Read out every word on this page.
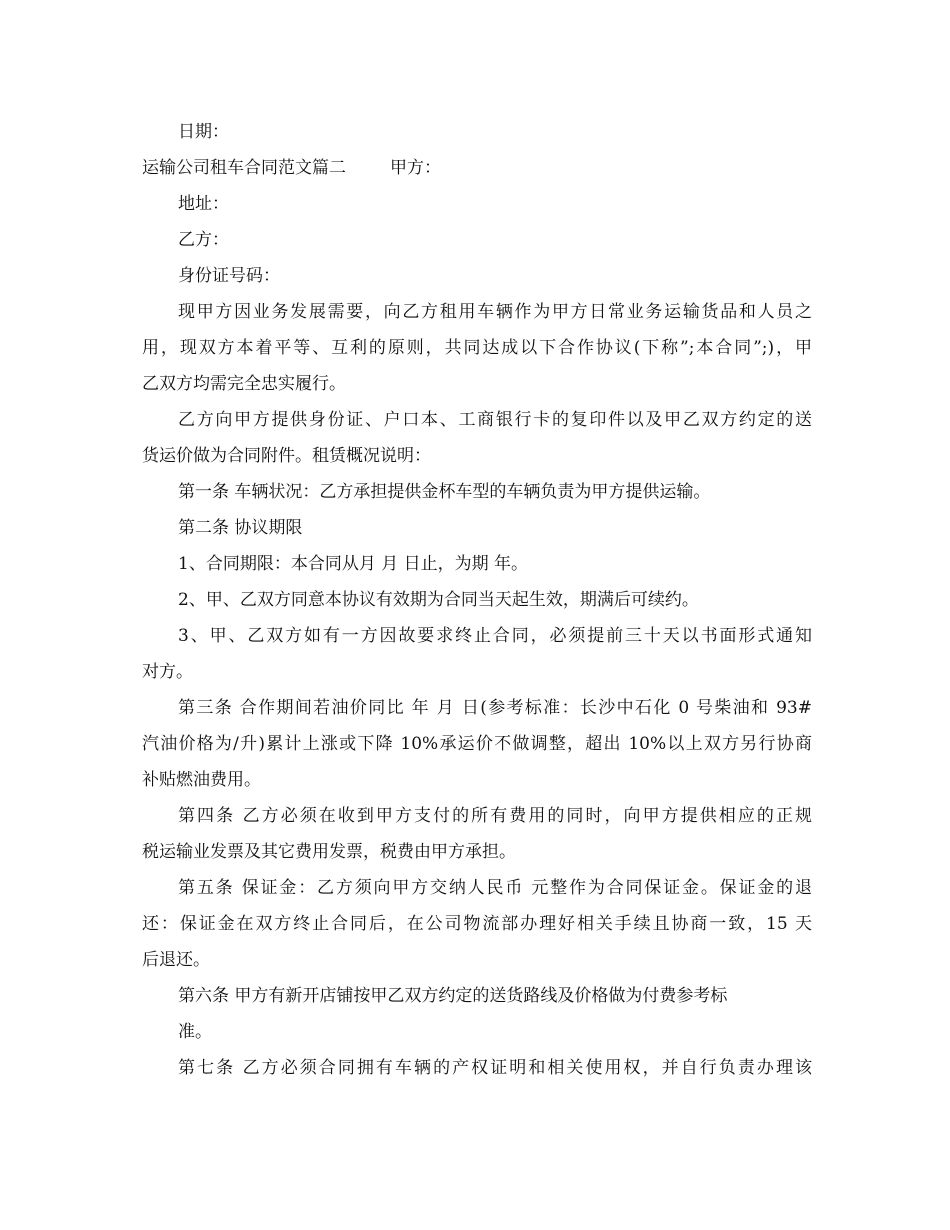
日期：

运输公司租车合同范文篇二	甲方：

地址：

乙方：

身份证号码：

现甲方因业务发展需要，向乙方租用车辆作为甲方日常业务运输货品和人员之

用，现双方本着平等、互利的原则，共同达成以下合作协议(下称”;本合同”;)，甲

乙双方均需完全忠实履行。

乙方向甲方提供身份证、户口本、工商银行卡的复印件以及甲乙双方约定的送

货运价做为合同附件。租赁概况说明：

第一条 车辆状况：乙方承担提供金杯车型的车辆负责为甲方提供运输。

第二条 协议期限

1、合同期限：本合同从月 月 日止，为期 年。

2、甲、乙双方同意本协议有效期为合同当天起生效，期满后可续约。

3、甲、乙双方如有一方因故要求终止合同，必须提前三十天以书面形式通知

对方。

第三条 合作期间若油价同比 年 月 日(参考标准：长沙中石化 0 号柴油和 93#

汽油价格为/升)累计上涨或下降 10%承运价不做调整，超出 10%以上双方另行协商

补贴燃油费用。

第四条 乙方必须在收到甲方支付的所有费用的同时，向甲方提供相应的正规

税运输业发票及其它费用发票，税费由甲方承担。

第五条 保证金：乙方须向甲方交纳人民币 元整作为合同保证金。保证金的退

还：保证金在双方终止合同后，在公司物流部办理好相关手续且协商一致，15 天

后退还。

第六条 甲方有新开店铺按甲乙双方约定的送货路线及价格做为付费参考标

准。

第七条 乙方必须合同拥有车辆的产权证明和相关使用权，并自行负责办理该
